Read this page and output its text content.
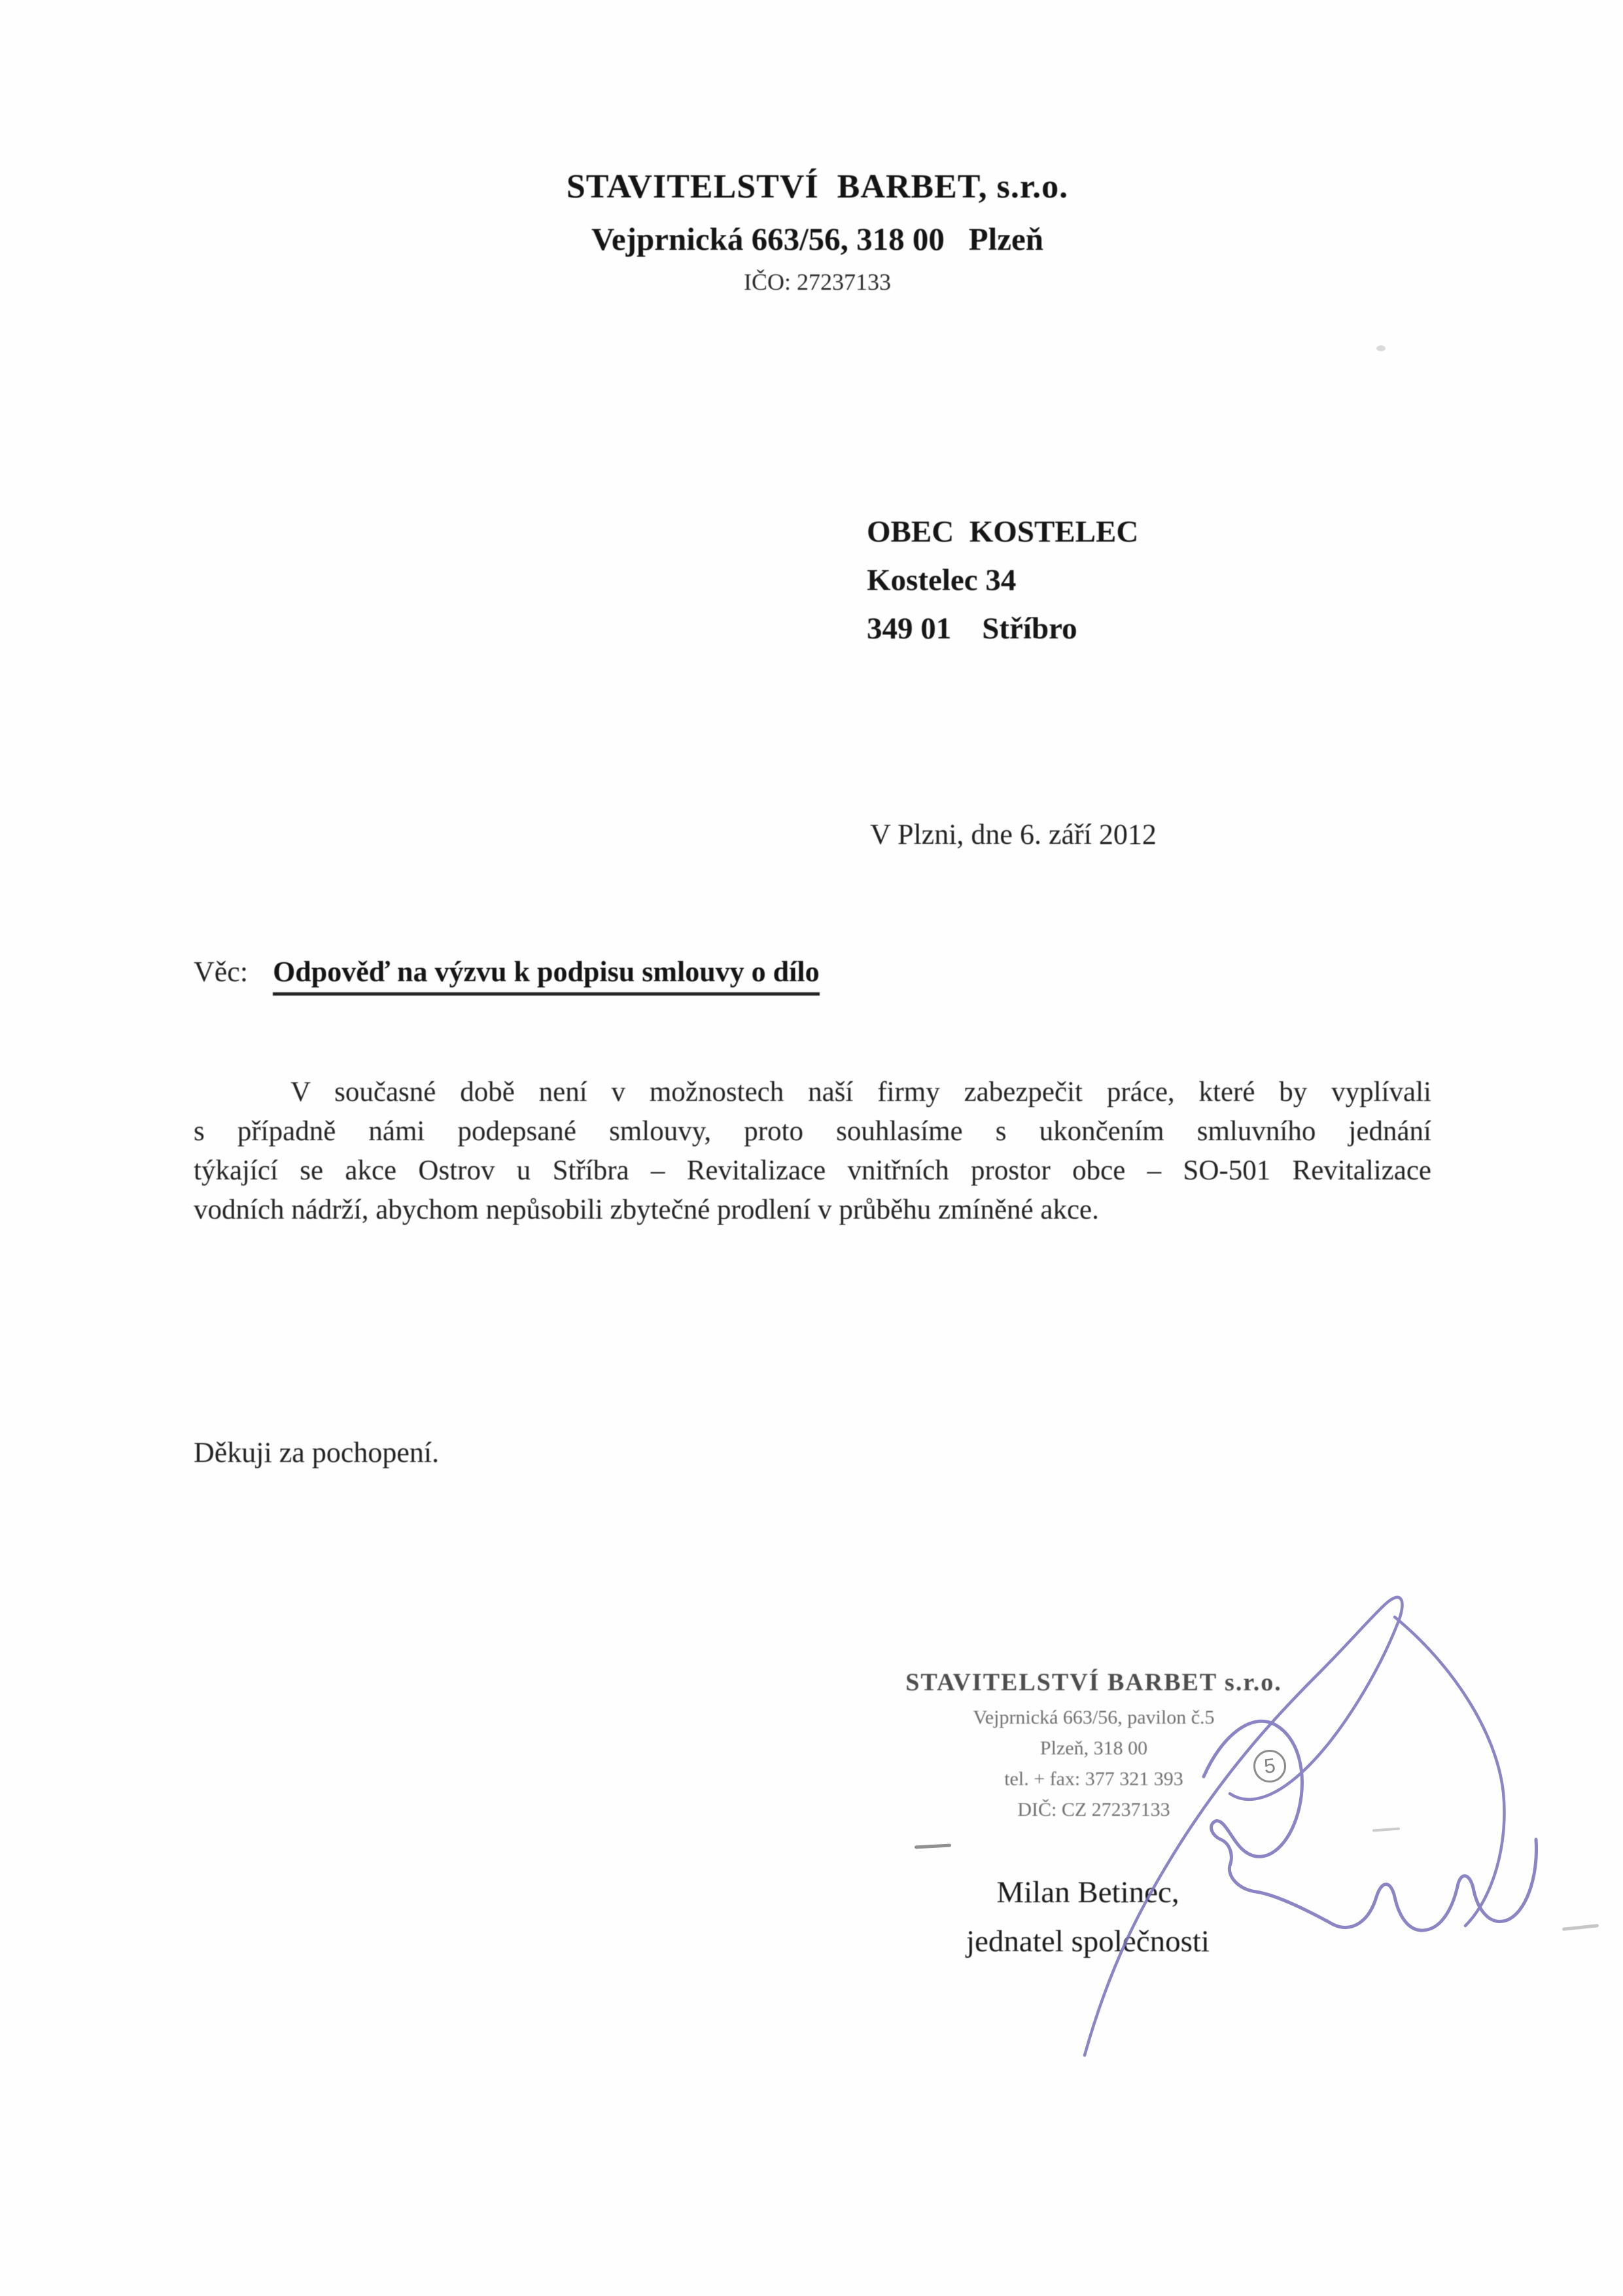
STAVITELSTVÍ  BARBET, s.r.o.
Vejprnická 663/56, 318 00   Plzeň
IČO: 27237133
OBEC  KOSTELEC
Kostelec 34
349 01    Stříbro
V Plzni, dne 6. září 2012
Věc: Odpověď na výzvu k podpisu smlouvy o dílo
V současné době není v možnostech naší firmy zabezpečit práce, které by vyplívali
s případně námi podepsané smlouvy, proto souhlasíme s ukončením smluvního jednání
týkající se akce Ostrov u Stříbra – Revitalizace vnitřních prostor obce – SO-501 Revitalizace
vodních nádrží, abychom nepůsobili zbytečné prodlení v průběhu zmíněné akce.
Děkuji za pochopení.
Milan Betinec,
jednatel společnosti
STAVITELSTVÍ BARBET s.r.o.
Vejprnická 663/56, pavilon č.5
Plzeň, 318 00
tel. + fax: 377 321 393
DIČ: CZ 27237133
5
